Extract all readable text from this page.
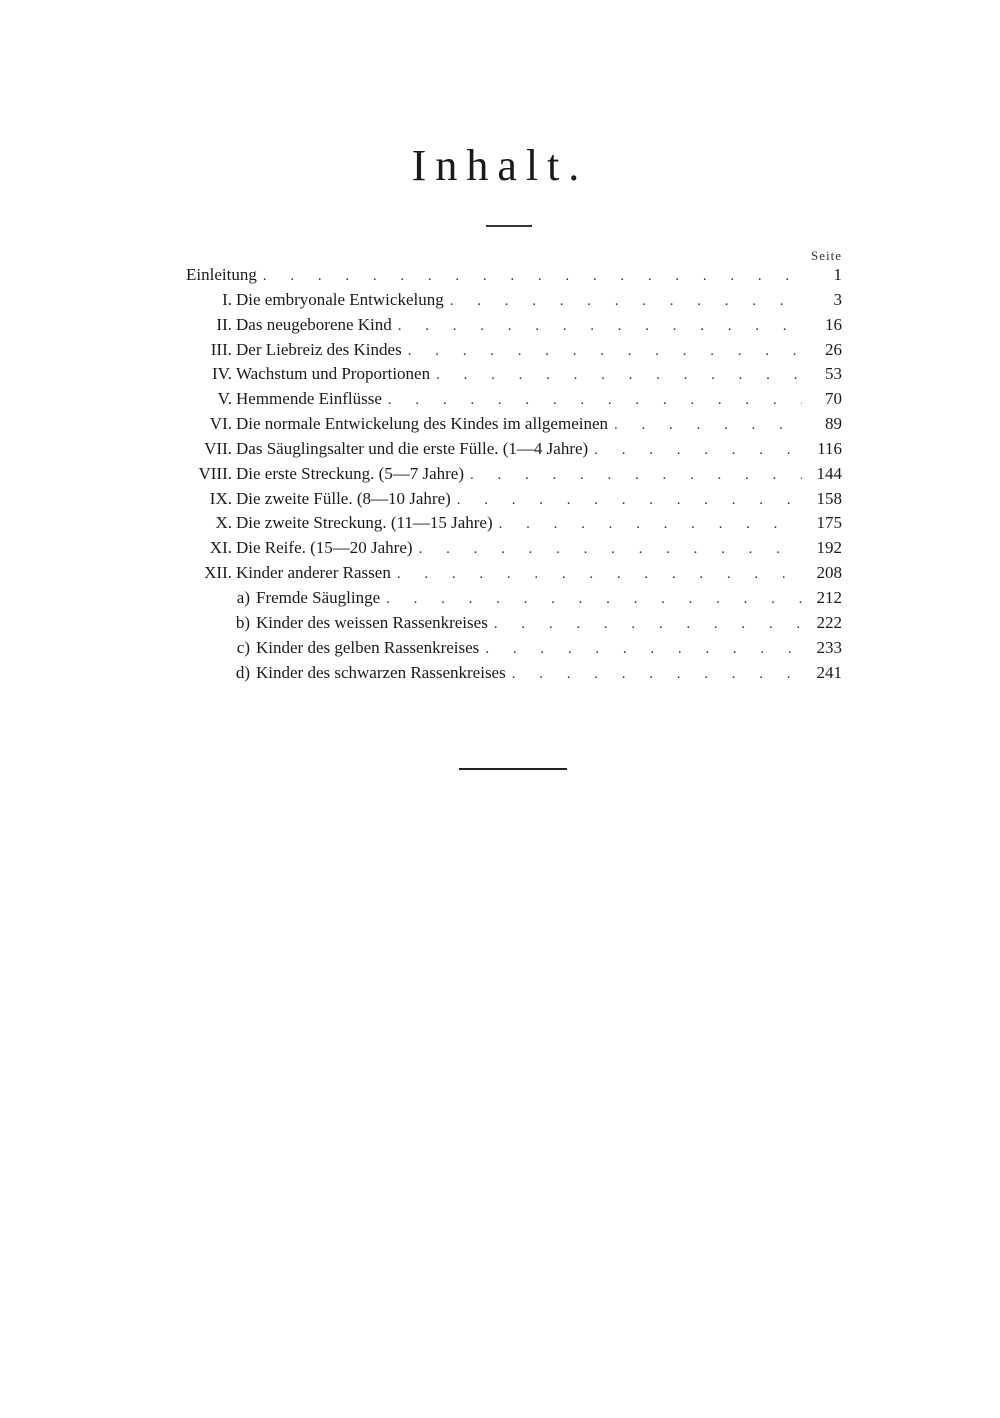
Inhalt.
Seite
Einleitung . . .	1
I. Die embryonale Entwickelung . . .	3
II. Das neugeborene Kind . . .	16
III. Der Liebreiz des Kindes . . .	26
IV. Wachstum und Proportionen . . .	53
V. Hemmende Einflüsse . . .	70
VI. Die normale Entwickelung des Kindes im allgemeinen . . .	89
VII. Das Säuglingsalter und die erste Fülle. (1—4 Jahre) . . .	116
VIII. Die erste Streckung. (5—7 Jahre) . . .	144
IX. Die zweite Fülle. (8—10 Jahre) . . .	158
X. Die zweite Streckung. (11—15 Jahre) . . .	175
XI. Die Reife. (15—20 Jahre) . . .	192
XII. Kinder anderer Rassen . . .	208
a) Fremde Säuglinge . . .	212
b) Kinder des weissen Rassenkreises . . .	222
c) Kinder des gelben Rassenkreises . . .	233
d) Kinder des schwarzen Rassenkreises . . .	241
